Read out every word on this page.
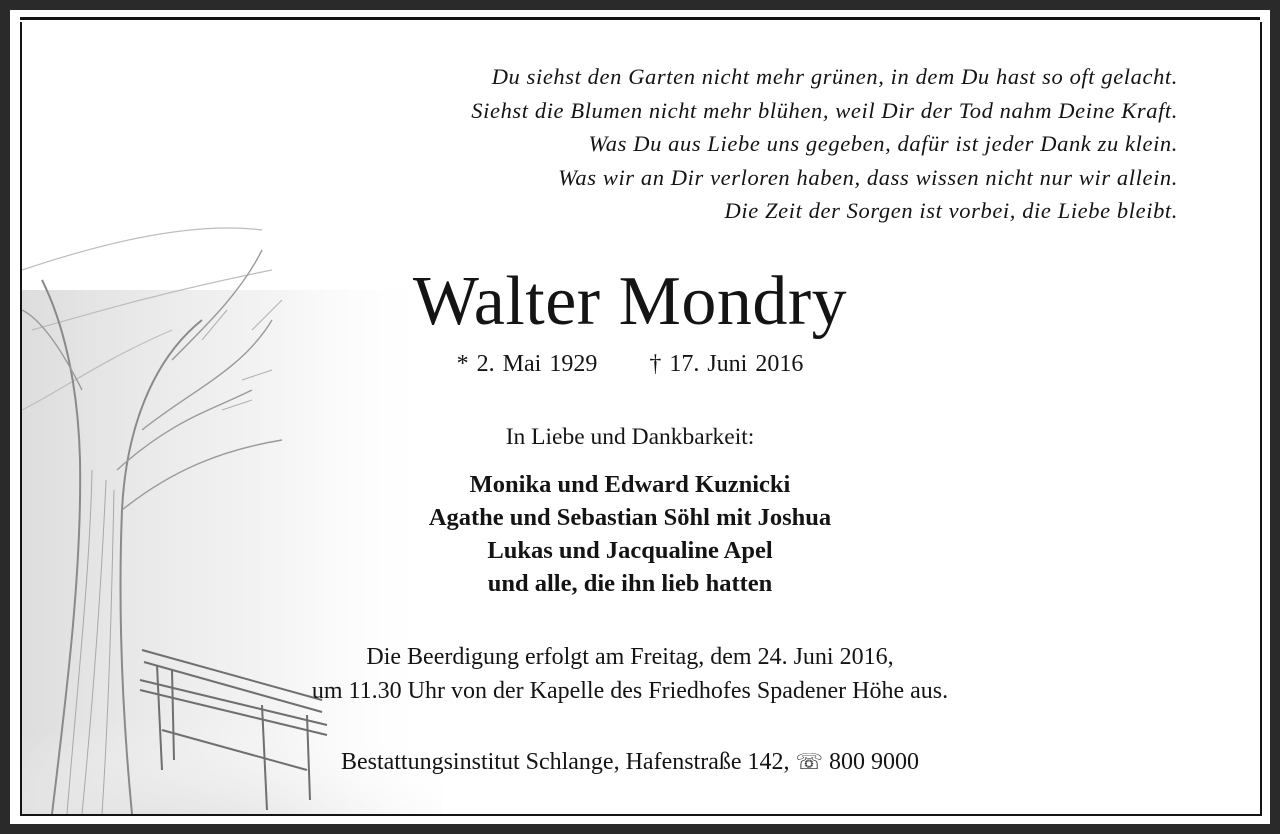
Du siehst den Garten nicht mehr grünen, in dem Du hast so oft gelacht.
Siehst die Blumen nicht mehr blühen, weil Dir der Tod nahm Deine Kraft.
Was Du aus Liebe uns gegeben, dafür ist jeder Dank zu klein.
Was wir an Dir verloren haben, dass wissen nicht nur wir allein.
Die Zeit der Sorgen ist vorbei, die Liebe bleibt.
Walter Mondry
* 2. Mai 1929 † 17. Juni 2016
In Liebe und Dankbarkeit:
Monika und Edward Kuznicki
Agathe und Sebastian Söhl mit Joshua
Lukas und Jacqualine Apel
und alle, die ihn lieb hatten
Die Beerdigung erfolgt am Freitag, dem 24. Juni 2016,
um 11.30 Uhr von der Kapelle des Friedhofes Spadener Höhe aus.
Bestattungsinstitut Schlange, Hafenstraße 142, ☏ 800 9000
